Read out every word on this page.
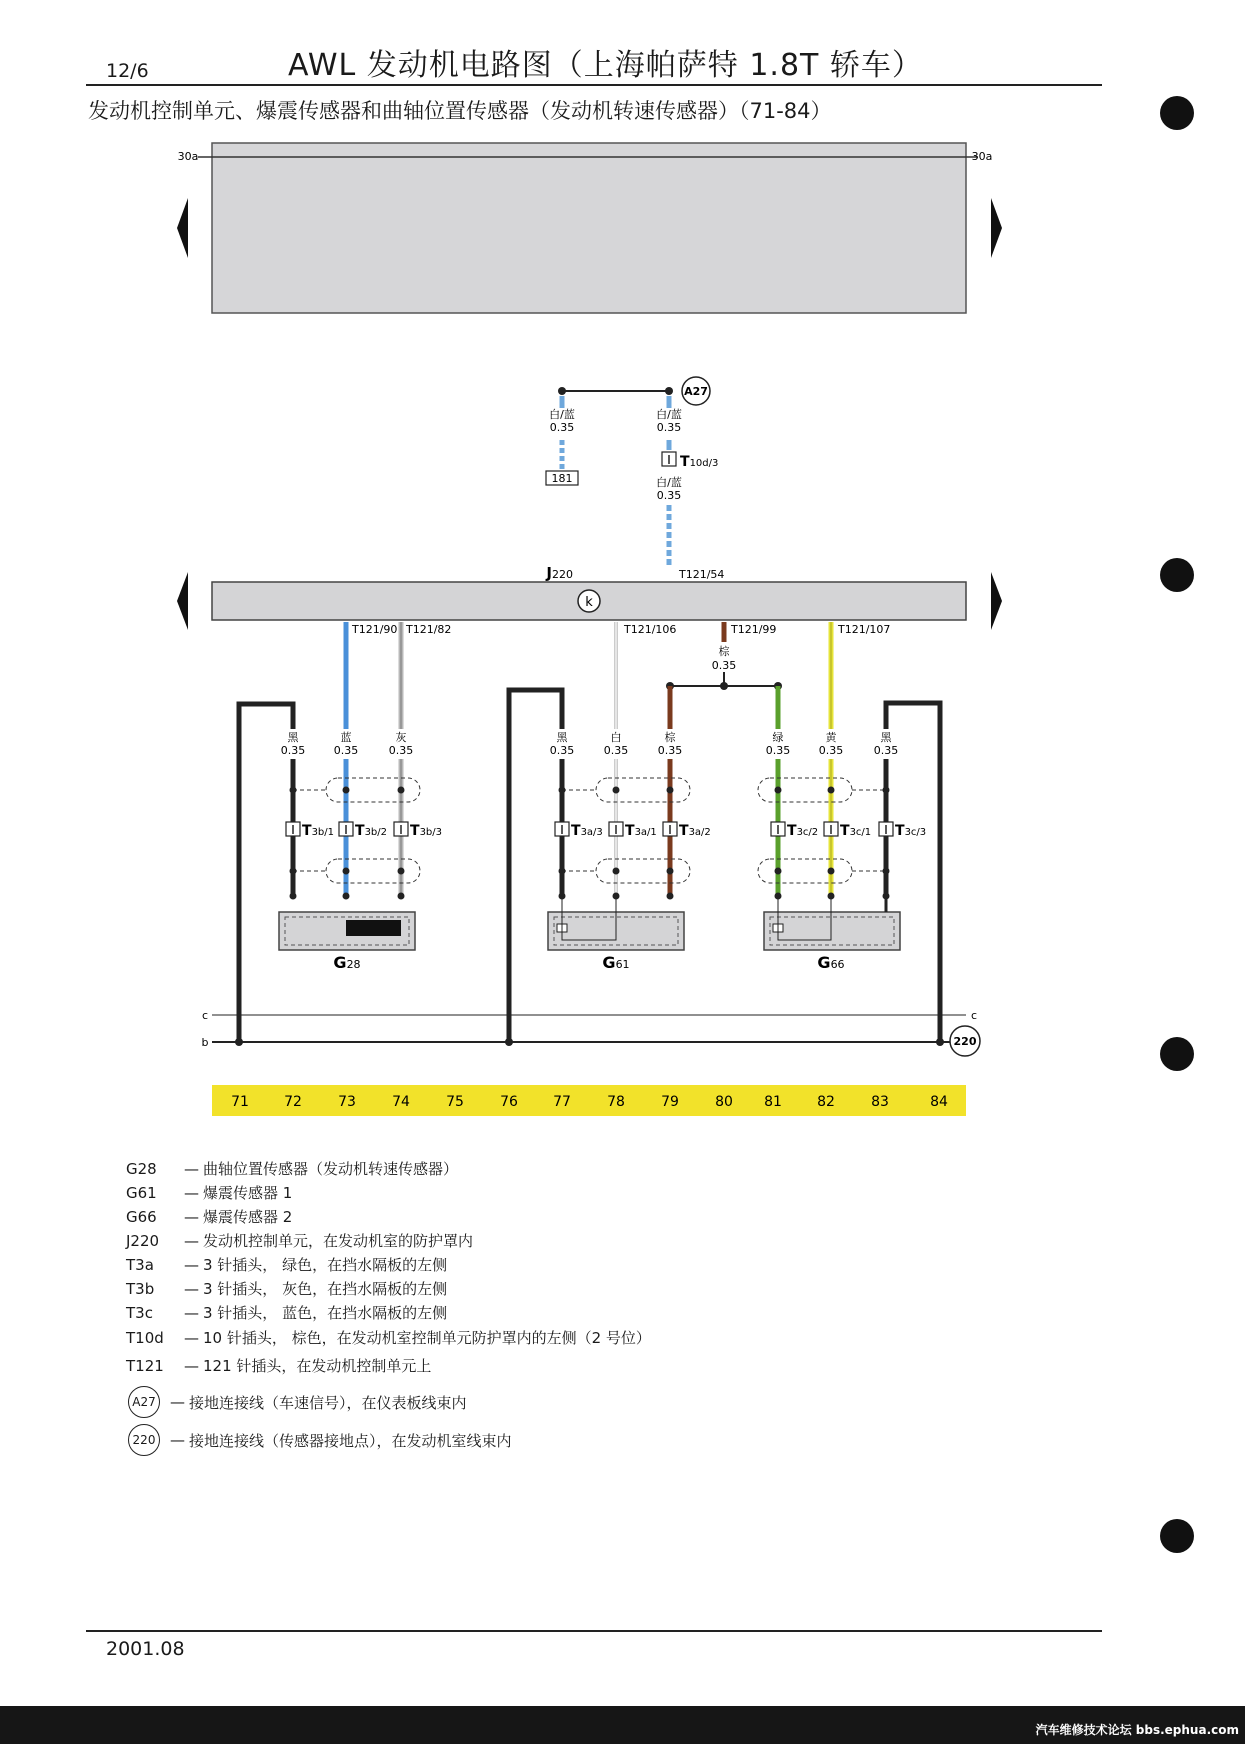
12/6	AWL 发动机电路图（上海帕萨特 1.8T 轿车）
发动机控制单元、爆震传感器和曲轴位置传感器（发动机转速传感器）（71-84）
30a	30a
A27
白/蓝
0.35
白/蓝
0.35
181
T10d/3
白/蓝
0.35
T121/54
J220
k
T121/90 T121/82	T121/106	T121/99	T121/107
棕
0.35
黑
0.35
蓝
0.35
灰
0.35
黑
0.35
白
0.35
棕
0.35
绿
0.35
黄
0.35
黑
0.35
T3b/1 T3b/2 T3b/3	T3a/3 T3a/1 T3a/2	T3c/2 T3c/1 T3c/3
G28	G61	G66
c
b
c
220
71	72	73	74	75	76	77	78	79	80 81	82	83	84
G28 — 曲轴位置传感器（发动机转速传感器）
G61 — 爆震传感器 1
G66 — 爆震传感器 2
J220 — 发动机控制单元，在发动机室的防护罩内
T3a — 3 针插头， 绿色，在挡水隔板的左侧
T3b — 3 针插头， 灰色，在挡水隔板的左侧
T3c — 3 针插头， 蓝色，在挡水隔板的左侧
T10d — 10 针插头， 棕色，在发动机室控制单元防护罩内的左侧（2 号位）
T121 — 121 针插头，在发动机控制单元上
A27 — 接地连接线（车速信号），在仪表板线束内
220 — 接地连接线（传感器接地点），在发动机室线束内
2001.08
汽车维修技术论坛 bbs.ephua.com
